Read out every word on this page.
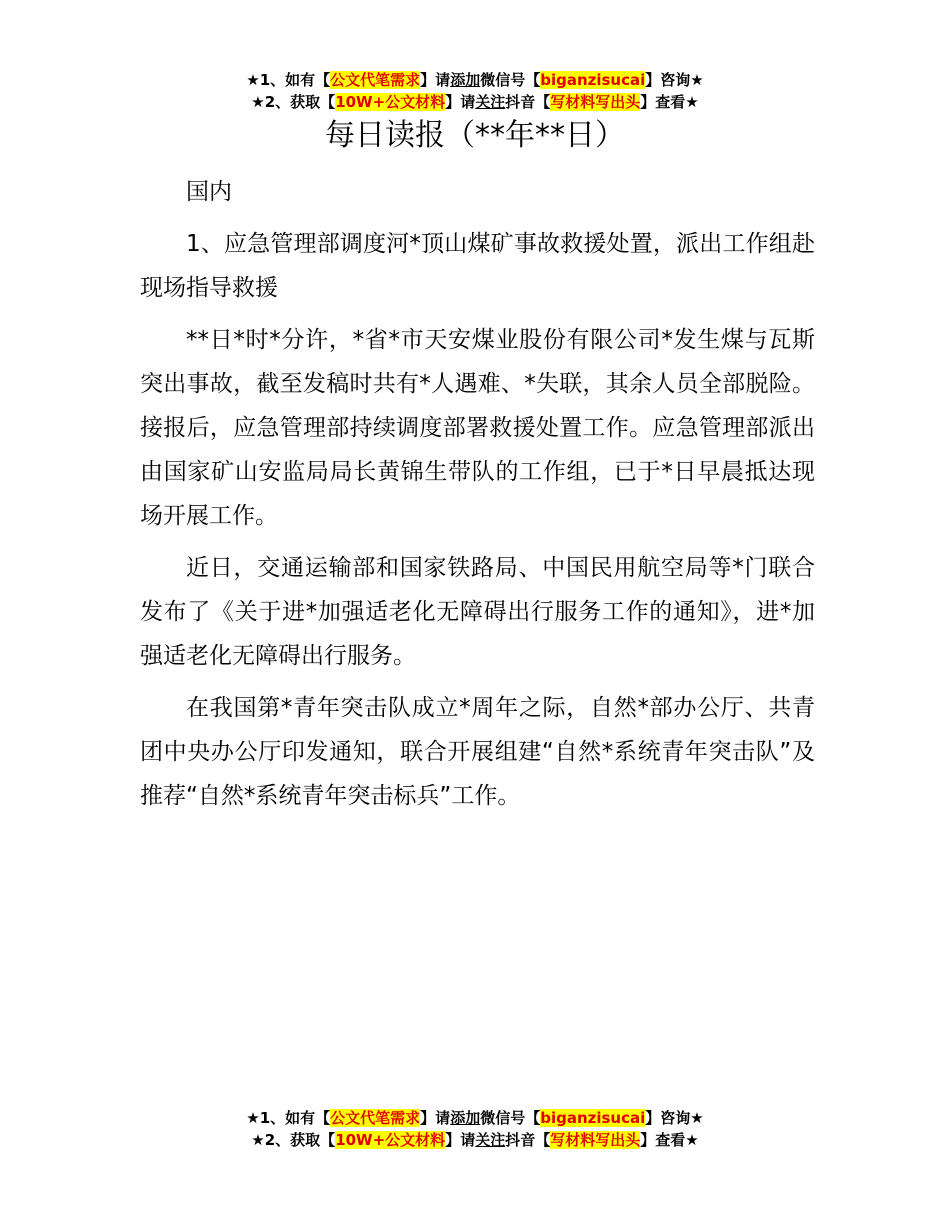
★1、如有【公文代笔需求】请添加微信号【biganzisucai】咨询★
★2、获取【10W+公文材料】请关注抖音【写材料写出头】查看★
每日读报（**年**日）

国内

1、应急管理部调度河*顶山煤矿事故救援处置，派出工作组赴现场指导救援

**日*时*分许，*省*市天安煤业股份有限公司*发生煤与瓦斯突出事故，截至发稿时共有*人遇难、*失联，其余人员全部脱险。接报后，应急管理部持续调度部署救援处置工作。应急管理部派出由国家矿山安监局局长黄锦生带队的工作组，已于*日早晨抵达现场开展工作。

近日，交通运输部和国家铁路局、中国民用航空局等*门联合发布了《关于进*加强适老化无障碍出行服务工作的通知》，进*加强适老化无障碍出行服务。

在我国第*青年突击队成立*周年之际，自然*部办公厅、共青团中央办公厅印发通知，联合开展组建“自然*系统青年突击队”及推荐“自然*系统青年突击标兵”工作。

★1、如有【公文代笔需求】请添加微信号【biganzisucai】咨询★
★2、获取【10W+公文材料】请关注抖音【写材料写出头】查看★
